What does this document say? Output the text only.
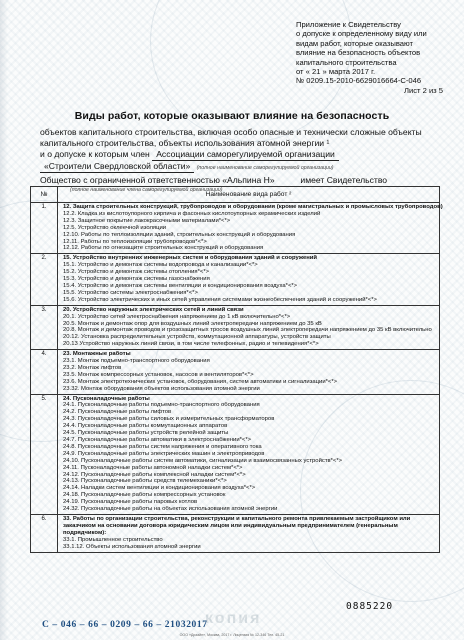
Приложение к Свидетельству
о допуске к определенному виду или
видам работ, которые оказывают
влияние на безопасность объектов
капитального строительства
от « 21 » марта 2017 г.
№ 0209.15-2010-6629016664-С-046
Лист 2 из 5
Виды работ, которые оказывают влияние на безопасность
объектов капитального строительства, включая особо опасные и технически сложные объекты
капитального строительства, объекты использования атомной энергии ¹
и о допуске к которым член Ассоциации саморегулируемой организации
«Строители Свердловской области» (полное наименование саморегулируемой организации)
Общество с ограниченной ответственностью «Альпина Н»	имеет Свидетельство
(полное наименование члена саморегулируемой организации)
№	Наименование вида работ ²
1.	12. Защита строительных конструкций, трубопроводов и оборудования (кроме магистральных и промысловых трубопроводов)
12.2. Кладка из кислотоупорного кирпича и фасонных кислотоупорных керамических изделий
12.3. Защитное покрытие лакокрасочными материалами*<*>
12.5. Устройство оклеечной изоляции
12.10. Работы по теплоизоляции зданий, строительных конструкций и оборудования
12.11. Работы по теплоизоляции трубопроводов*<*>
12.12. Работы по огнезащите строительных конструкций и оборудования
2.	15. Устройство внутренних инженерных систем и оборудования зданий и сооружений
15.1. Устройство и демонтаж системы водопровода и канализации*<*>
15.2. Устройство и демонтаж системы отопления*<*>
15.3. Устройство и демонтаж системы газоснабжения
15.4. Устройство и демонтаж системы вентиляции и кондиционирования воздуха*<*>
15.5. Устройство системы электроснабжения*<*>
15.6. Устройство электрических и иных сетей управления системами жизнеобеспечения зданий и сооружений*<*>
3.	20. Устройство наружных электрических сетей и линий связи
20.1. Устройство сетей электроснабжения напряжением до 1 кВ включительно*<*>
20.5. Монтаж и демонтаж опор для воздушных линий электропередачи напряжением до 35 кВ
20.8. Монтаж и демонтаж проводов и грозозащитных тросов воздушных линий электропередачи напряжением до 35 кВ включительно
20.12. Установка распределительных устройств, коммутационной аппаратуры, устройств защиты
20.13 Устройство наружных линий связи, в том числе телефонных, радио и телевидения*<*>
4.	23. Монтажные работы
23.1. Монтаж подъемно-транспортного оборудования
23.2. Монтаж лифтов
23.5. Монтаж компрессорных установок, насосов и вентиляторов*<*>
23.6. Монтаж электротехнических установок, оборудования, систем автоматики и сигнализации*<*>
23.32. Монтаж оборудования объектов использования атомной энергии
5.	24. Пусконаладочные работы
24.1. Пусконаладочные работы подъемно-транспортного оборудования
24.2. Пусконаладочные работы лифтов
24.3. Пусконаладочные работы силовых и измерительных трансформаторов
24.4. Пусконаладочные работы коммутационных аппаратов
24.5. Пусконаладочные работы устройств релейной защиты
24.7. Пусконаладочные работы автоматики в электроснабжении*<*>
24.8. Пусконаладочные работы систем напряжения и оперативного тока
24.9. Пусконаладочные работы электрических машин и электроприводов
24.10. Пусконаладочные работы систем автоматики, сигнализации и взаимосвязанных устройств*<*>
24.11. Пусконаладочные работы автономной наладки систем*<*>
24.12. Пусконаладочные работы комплексной наладки систем*<*>
24.13. Пусконаладочные работы средств телемеханики*<*>
24.14. Наладки систем вентиляции и кондиционирования воздуха*<*>
24.18. Пусконаладочные работы компрессорных установок
24.19. Пусконаладочные работы паровых котлов
24.32. Пусконаладочные работы на объектах использования атомной энергии
6.	33. Работы по организации строительства, реконструкции и капитального ремонта привлекаемым застройщиком или заказчиком на основании договора юридическим лицом или индивидуальным предпринимателем (генеральным подрядчиком):
33.1. Промышленное строительство
33.1.12. Объекты использования атомной энергии
0885220
С – 046 – 66 – 0209 – 66 – 21032017
копия
ООО «Дизайн», Москва, 2017 г. Лицензия № 12-346 Тел. 45-21
